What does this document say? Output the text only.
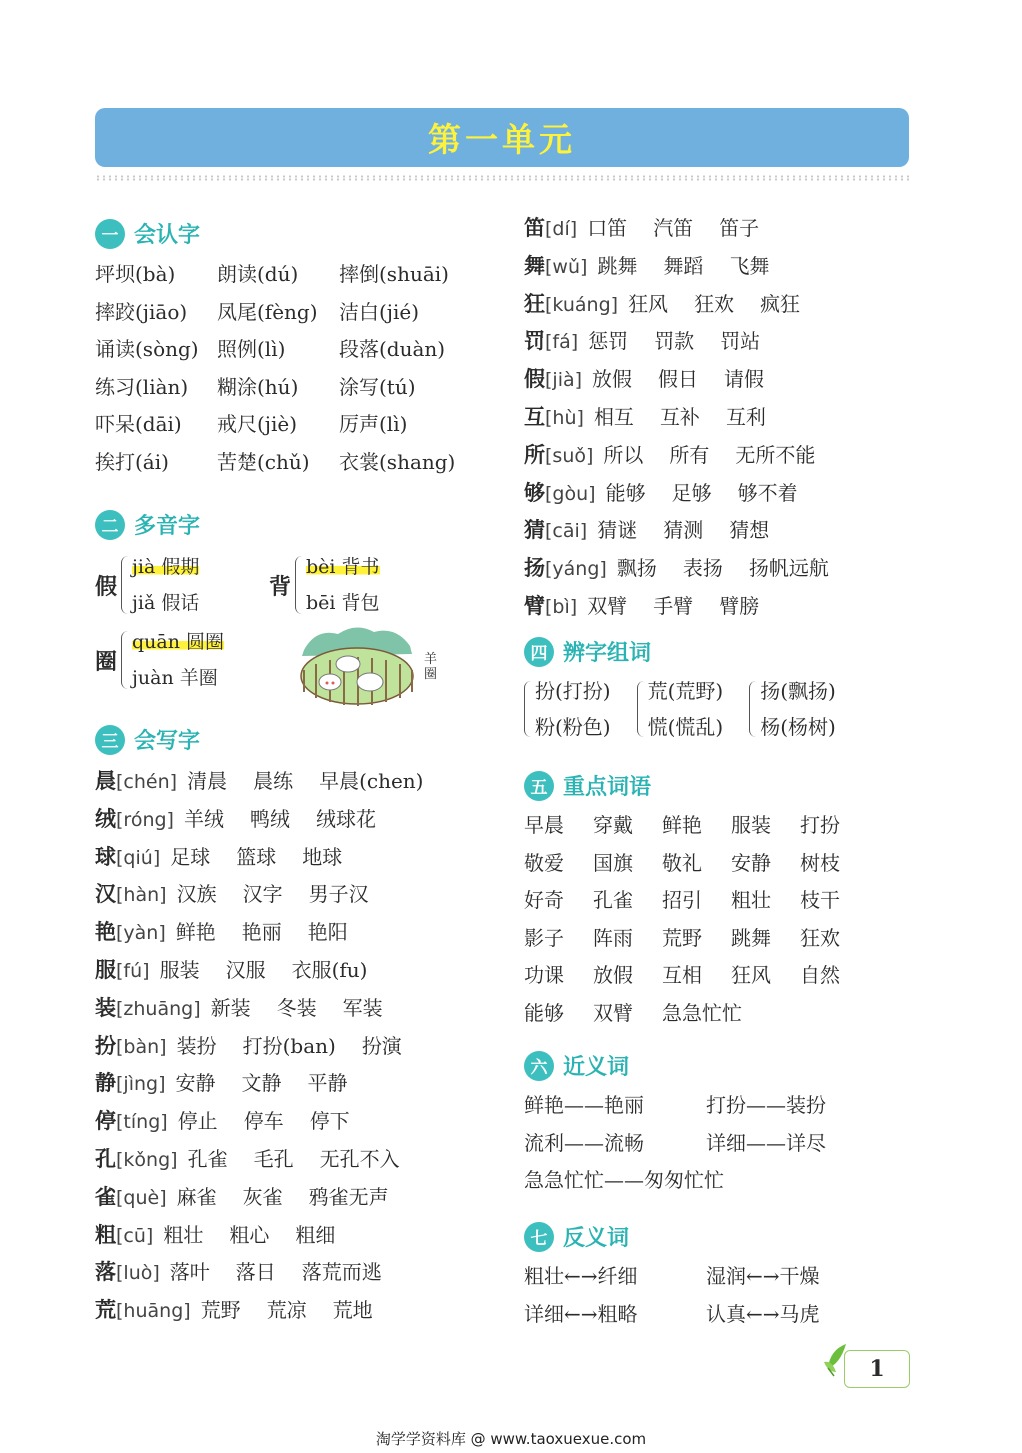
第一单元
一 会认字
坪坝(bà) 朗读(dú) 摔倒(shuāi)
摔跤(jiāo) 凤尾(fèng) 洁白(jié)
诵读(sòng) 照例(lì)	段落(duàn)
练习(liàn) 糊涂(hú) 涂写(tú)
吓呆(dāi) 戒尺(jiè) 厉声(lì)
挨打(ái) 苦楚(chǔ) 衣裳(shang)
二 多音字
假
jià 假期
jiǎ 假话
背
bèi 背书
bēi 背包
圈
quān 圆圈
juàn 羊圈
三 会写字
晨[chén] 清晨 晨练 早晨(chen)
绒[róng] 羊绒 鸭绒 绒球花
球[qiú] 足球 篮球 地球
汉[hàn] 汉族 汉字 男子汉
艳[yàn] 鲜艳 艳丽 艳阳
服[fú] 服装 汉服 衣服(fu)
装[zhuāng] 新装 冬装 军装
扮[bàn] 装扮 打扮(ban) 扮演
静[jìng] 安静 文静 平静
停[tíng] 停止 停车 停下
孔[kǒng] 孔雀 毛孔 无孔不入
雀[què] 麻雀 灰雀 鸦雀无声
粗[cū] 粗壮 粗心 粗细
落[luò] 落叶 落日 落荒而逃
荒[huāng] 荒野 荒凉 荒地
羊圈
笛[dí] 口笛 汽笛 笛子
舞[wǔ] 跳舞 舞蹈 飞舞
狂[kuáng] 狂风 狂欢 疯狂
罚[fá] 惩罚 罚款 罚站
假[jià] 放假 假日 请假
互[hù] 相互 互补 互利
所[suǒ] 所以 所有 无所不能
够[gòu] 能够 足够 够不着
猜[cāi] 猜谜 猜测 猜想
扬[yáng] 飘扬 表扬 扬帆远航
臂[bì] 双臂 手臂 臂膀
四 辨字组词
扮(打扮)
粉(粉色)
荒(荒野)
慌(慌乱)
扬(飘扬)
杨(杨树)
五 重点词语
早晨 穿戴 鲜艳 服装 打扮
敬爱 国旗 敬礼 安静 树枝
好奇 孔雀 招引 粗壮 枝干
影子 阵雨 荒野 跳舞 狂欢
功课 放假 互相 狂风 自然
能够 双臂 急急忙忙
六 近义词
鲜艳——艳丽	打扮——装扮
流利——流畅	详细——详尽
急急忙忙——匆匆忙忙
七 反义词
粗壮←→纤细	湿润←→干燥
详细←→粗略	认真←→马虎
1
淘学学资料库 @ www.taoxuexue.com
